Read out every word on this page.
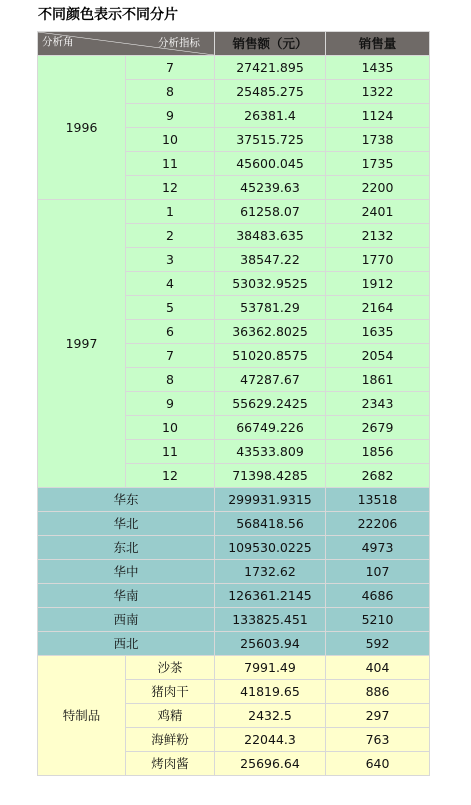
不同颜色表示不同分片
分析指标
分析角		销售额（元）	销售量
1996	7	27421.895	1435
	8	25485.275	1322
	9	26381.4	1124
	10	37515.725	1738
	11	45600.045	1735
	12	45239.63	2200
1997	1	61258.07	2401
	2	38483.635	2132
	3	38547.22	1770
	4	53032.9525	1912
	5	53781.29	2164
	6	36362.8025	1635
	7	51020.8575	2054
	8	47287.67	1861
	9	55629.2425	2343
	10	66749.226	2679
	11	43533.809	1856
	12	71398.4285	2682
华东		299931.9315	13518
华北		568418.56	22206
东北		109530.0225	4973
华中		1732.62	107
华南		126361.2145	4686
西南		133825.451	5210
西北		25603.94	592
特制品	沙茶	7991.49	404
	猪肉干	41819.65	886
	鸡精	2432.5	297
	海鲜粉	22044.3	763
	烤肉酱	25696.64	640
